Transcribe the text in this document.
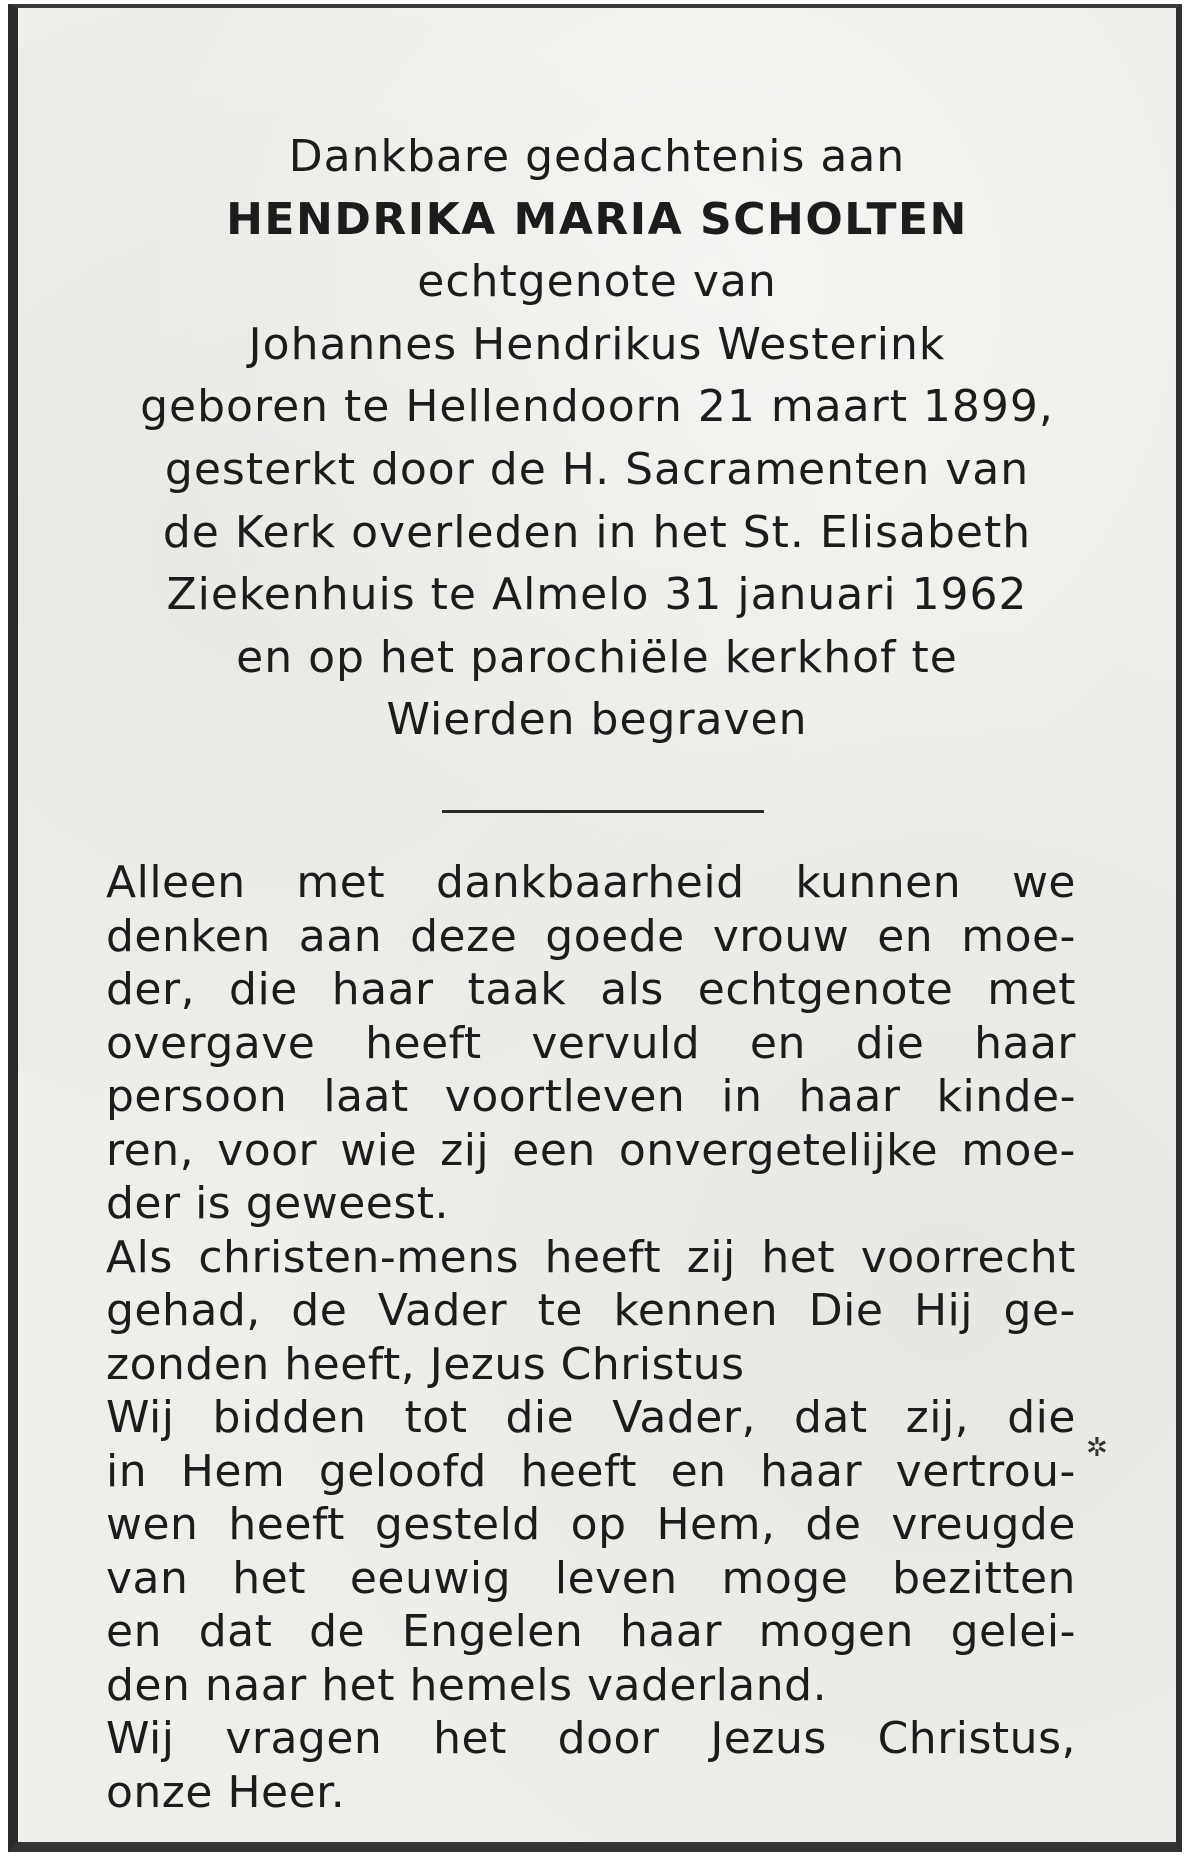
Dankbare gedachtenis aan
HENDRIKA MARIA SCHOLTEN
echtgenote van
Johannes Hendrikus Westerink
geboren te Hellendoorn 21 maart 1899,
gesterkt door de H. Sacramenten van
de Kerk overleden in het St. Elisabeth
Ziekenhuis te Almelo 31 januari 1962
en op het parochiële kerkhof te
Wierden begraven
Alleen met dankbaarheid kunnen we
denken aan deze goede vrouw en moe-
der, die haar taak als echtgenote met
overgave heeft vervuld en die haar
persoon laat voortleven in haar kinde-
ren, voor wie zij een onvergetelijke moe-
der is geweest.
Als christen-mens heeft zij het voorrecht
gehad, de Vader te kennen Die Hij ge-
zonden heeft, Jezus Christus
Wij bidden tot die Vader, dat zij, die
in Hem geloofd heeft en haar vertrou-
wen heeft gesteld op Hem, de vreugde
van het eeuwig leven moge bezitten
en dat de Engelen haar mogen gelei-
den naar het hemels vaderland.
Wij vragen het door Jezus Christus,
onze Heer.
✲
